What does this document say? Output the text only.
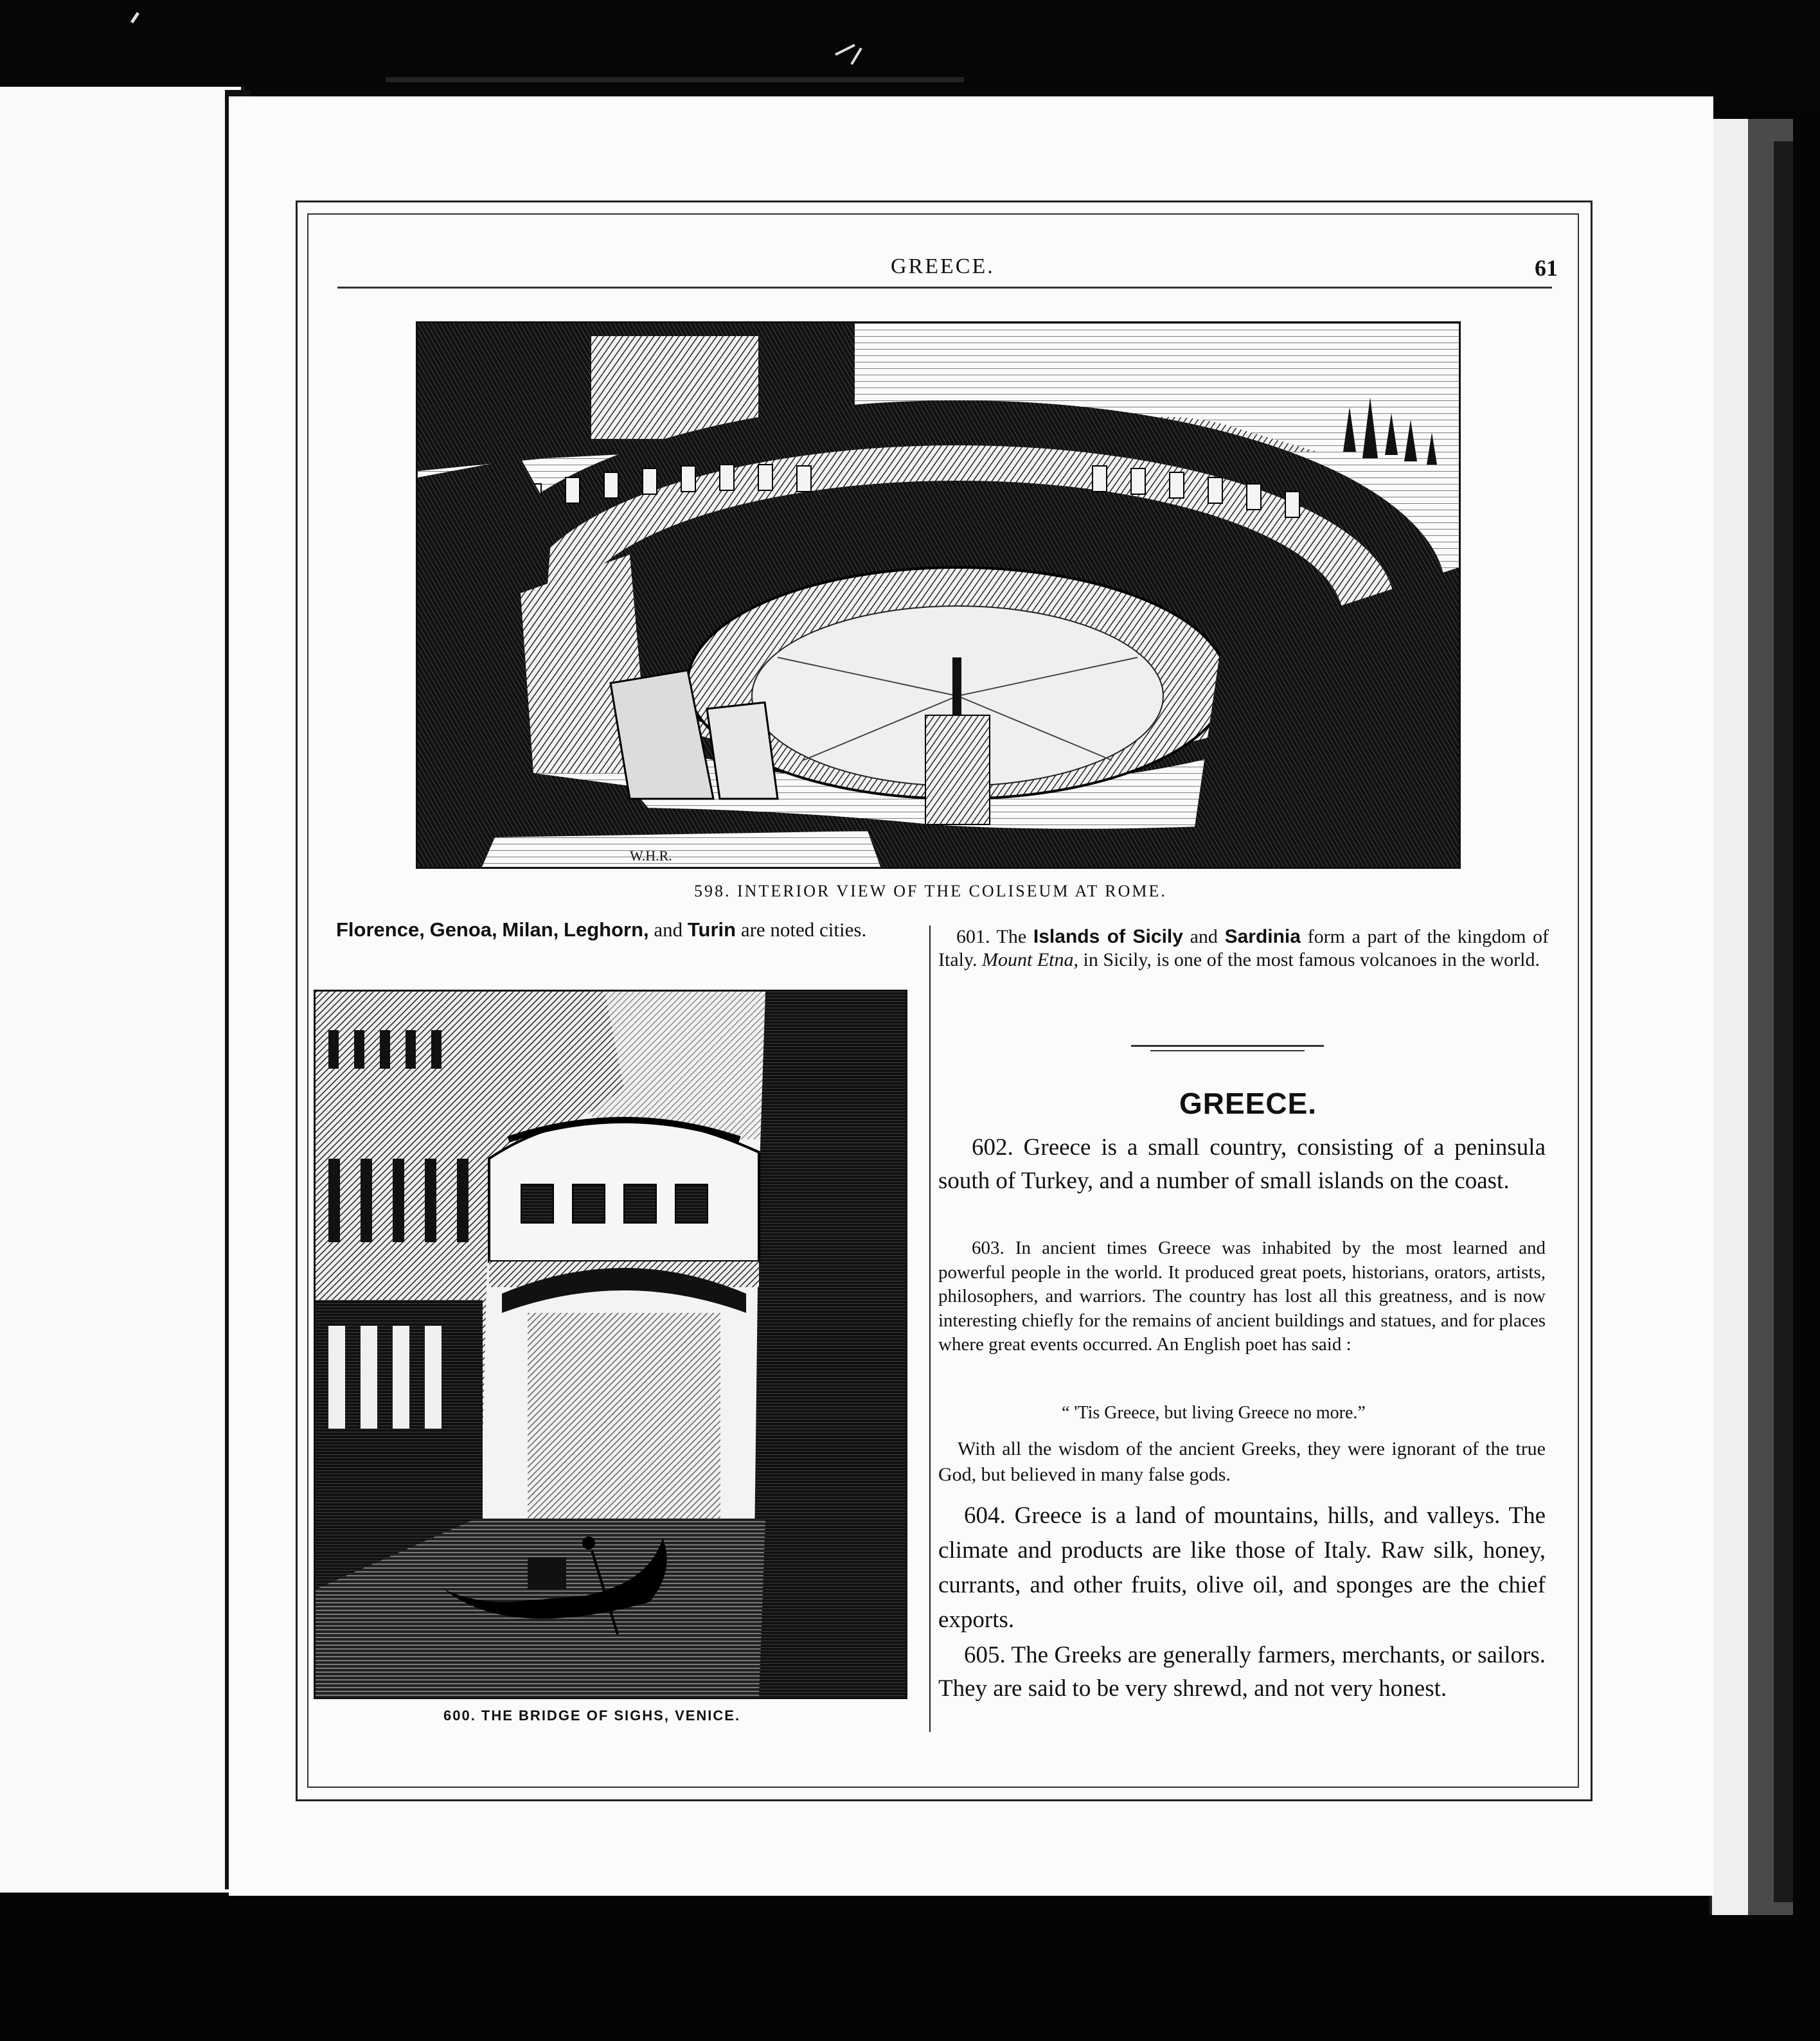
GREECE.	61
W.H.R.
598. INTERIOR VIEW OF THE COLISEUM AT ROME.

Florence, Genoa, Milan, Leghorn, and Turin are noted cities.

600. THE BRIDGE OF SIGHS, VENICE.

601. The Islands of Sicily and Sardinia form a part of the kingdom of Italy. Mount Etna, in Sicily, is one of the most famous volcanoes in the world.

GREECE.

602. Greece is a small country, consisting of a peninsula south of Turkey, and a number of small islands on the coast.

603. In ancient times Greece was inhabited by the most learned and powerful people in the world. It produced great poets, historians, orators, artists, philosophers, and warriors. The country has lost all this greatness, and is now interesting chiefly for the remains of ancient buildings and statues, and for places where great events occurred. An English poet has said :

“ 'Tis Greece, but living Greece no more.”

With all the wisdom of the ancient Greeks, they were ignorant of the true God, but believed in many false gods.

604. Greece is a land of mountains, hills, and valleys. The climate and products are like those of Italy. Raw silk, honey, currants, and other fruits, olive oil, and sponges are the chief exports.

605. The Greeks are generally farmers, merchants, or sailors. They are said to be very shrewd, and not very honest.
